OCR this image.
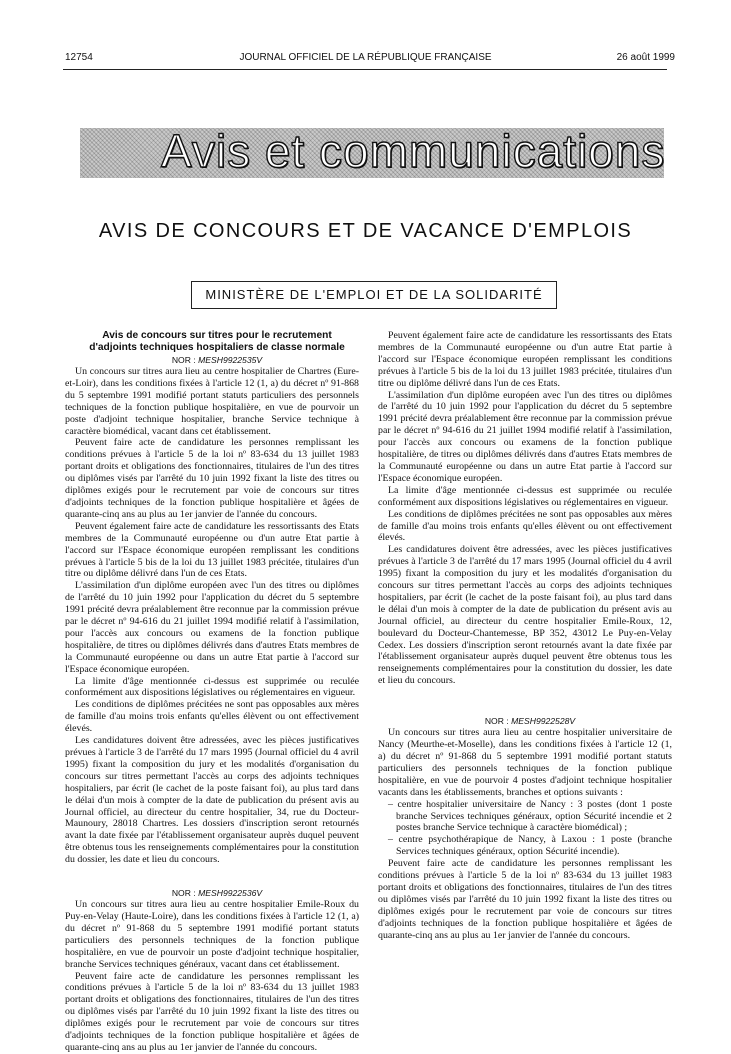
12754	JOURNAL OFFICIEL DE LA RÉPUBLIQUE FRANÇAISE	26 août 1999
Avis et communications
AVIS DE CONCOURS ET DE VACANCE D'EMPLOIS
MINISTÈRE DE L'EMPLOI ET DE LA SOLIDARITÉ

Avis de concours sur titres pour le recrutement

d'adjoints techniques hospitaliers de classe normale

NOR : MESH9922535V

Un concours sur titres aura lieu au centre hospitalier de Chartres (Eure-et-Loir), dans les conditions fixées à l'article 12 (1, a) du décret nº 91-868 du 5 septembre 1991 modifié portant statuts particuliers des personnels techniques de la fonction publique hospitalière, en vue de pourvoir un poste d'adjoint technique hospitalier, branche Service technique à caractère biomédical, vacant dans cet établissement.

Peuvent faire acte de candidature les personnes remplissant les conditions prévues à l'article 5 de la loi nº 83-634 du 13 juillet 1983 portant droits et obligations des fonctionnaires, titulaires de l'un des titres ou diplômes visés par l'arrêté du 10 juin 1992 fixant la liste des titres ou diplômes exigés pour le recrutement par voie de concours sur titres d'adjoints techniques de la fonction publique hospitalière et âgées de quarante-cinq ans au plus au 1er janvier de l'année du concours.

Peuvent également faire acte de candidature les ressortissants des Etats membres de la Communauté européenne ou d'un autre Etat partie à l'accord sur l'Espace économique européen remplissant les conditions prévues à l'article 5 bis de la loi du 13 juillet 1983 précitée, titulaires d'un titre ou diplôme délivré dans l'un de ces Etats.

L'assimilation d'un diplôme européen avec l'un des titres ou diplômes de l'arrêté du 10 juin 1992 pour l'application du décret du 5 septembre 1991 précité devra préalablement être reconnue par la commission prévue par le décret nº 94-616 du 21 juillet 1994 modifié relatif à l'assimilation, pour l'accès aux concours ou examens de la fonction publique hospitalière, de titres ou diplômes délivrés dans d'autres Etats membres de la Communauté européenne ou dans un autre Etat partie à l'accord sur l'Espace économique européen.

La limite d'âge mentionnée ci-dessus est supprimée ou reculée conformément aux dispositions législatives ou réglementaires en vigueur.

Les conditions de diplômes précitées ne sont pas opposables aux mères de famille d'au moins trois enfants qu'elles élèvent ou ont effectivement élevés.

Les candidatures doivent être adressées, avec les pièces justificatives prévues à l'article 3 de l'arrêté du 17 mars 1995 (Journal officiel du 4 avril 1995) fixant la composition du jury et les modalités d'organisation du concours sur titres permettant l'accès au corps des adjoints techniques hospitaliers, par écrit (le cachet de la poste faisant foi), au plus tard dans le délai d'un mois à compter de la date de publication du présent avis au Journal officiel, au directeur du centre hospitalier, 34, rue du Docteur-Maunoury, 28018 Chartres. Les dossiers d'inscription seront retournés avant la date fixée par l'établissement organisateur auprès duquel peuvent être obtenus tous les renseignements complémentaires pour la constitution du dossier, les date et lieu du concours.

NOR : MESH9922536V

Un concours sur titres aura lieu au centre hospitalier Emile-Roux du Puy-en-Velay (Haute-Loire), dans les conditions fixées à l'article 12 (1, a) du décret nº 91-868 du 5 septembre 1991 modifié portant statuts particuliers des personnels techniques de la fonction publique hospitalière, en vue de pourvoir un poste d'adjoint technique hospitalier, branche Services techniques généraux, vacant dans cet établissement.

Peuvent faire acte de candidature les personnes remplissant les conditions prévues à l'article 5 de la loi nº 83-634 du 13 juillet 1983 portant droits et obligations des fonctionnaires, titulaires de l'un des titres ou diplômes visés par l'arrêté du 10 juin 1992 fixant la liste des titres ou diplômes exigés pour le recrutement par voie de concours sur titres d'adjoints techniques de la fonction publique hospitalière et âgées de quarante-cinq ans au plus au 1er janvier de l'année du concours.

Peuvent également faire acte de candidature les ressortissants des Etats membres de la Communauté européenne ou d'un autre Etat partie à l'accord sur l'Espace économique européen remplissant les conditions prévues à l'article 5 bis de la loi du 13 juillet 1983 précitée, titulaires d'un titre ou diplôme délivré dans l'un de ces Etats.

L'assimilation d'un diplôme européen avec l'un des titres ou diplômes de l'arrêté du 10 juin 1992 pour l'application du décret du 5 septembre 1991 précité devra préalablement être reconnue par la commission prévue par le décret nº 94-616 du 21 juillet 1994 modifié relatif à l'assimilation, pour l'accès aux concours ou examens de la fonction publique hospitalière, de titres ou diplômes délivrés dans d'autres Etats membres de la Communauté européenne ou dans un autre Etat partie à l'accord sur l'Espace économique européen.

La limite d'âge mentionnée ci-dessus est supprimée ou reculée conformément aux dispositions législatives ou réglementaires en vigueur.

Les conditions de diplômes précitées ne sont pas opposables aux mères de famille d'au moins trois enfants qu'elles élèvent ou ont effectivement élevés.

Les candidatures doivent être adressées, avec les pièces justificatives prévues à l'article 3 de l'arrêté du 17 mars 1995 (Journal officiel du 4 avril 1995) fixant la composition du jury et les modalités d'organisation du concours sur titres permettant l'accès au corps des adjoints techniques hospitaliers, par écrit (le cachet de la poste faisant foi), au plus tard dans le délai d'un mois à compter de la date de publication du présent avis au Journal officiel, au directeur du centre hospitalier Emile-Roux, 12, boulevard du Docteur-Chantemesse, BP 352, 43012 Le Puy-en-Velay Cedex. Les dossiers d'inscription seront retournés avant la date fixée par l'établissement organisateur auprès duquel peuvent être obtenus tous les renseignements complémentaires pour la constitution du dossier, les date et lieu du concours.

NOR : MESH9922528V

Un concours sur titres aura lieu au centre hospitalier universitaire de Nancy (Meurthe-et-Moselle), dans les conditions fixées à l'article 12 (1, a) du décret nº 91-868 du 5 septembre 1991 modifié portant statuts particuliers des personnels techniques de la fonction publique hospitalière, en vue de pourvoir 4 postes d'adjoint technique hospitalier vacants dans les établissements, branches et options suivants :

– centre hospitalier universitaire de Nancy : 3 postes (dont 1 poste branche Services techniques généraux, option Sécurité incendie et 2 postes branche Service technique à caractère biomédical) ;
– centre psychothérapique de Nancy, à Laxou : 1 poste (branche Services techniques généraux, option Sécurité incendie).

Peuvent faire acte de candidature les personnes remplissant les conditions prévues à l'article 5 de la loi nº 83-634 du 13 juillet 1983 portant droits et obligations des fonctionnaires, titulaires de l'un des titres ou diplômes visés par l'arrêté du 10 juin 1992 fixant la liste des titres ou diplômes exigés pour le recrutement par voie de concours sur titres d'adjoints techniques de la fonction publique hospitalière et âgées de quarante-cinq ans au plus au 1er janvier de l'année du concours.
